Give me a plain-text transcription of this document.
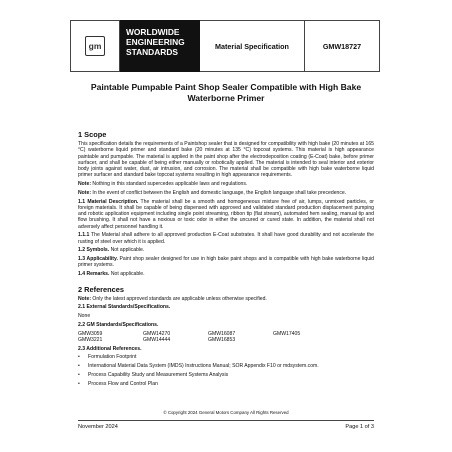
gm
WORLDWIDE
ENGINEERING
STANDARDS
Material Specification	GMW18727
Paintable Pumpable Paint Shop Sealer Compatible with High Bake
Waterborne Primer
1 Scope

This specification details the requirements of a Paintshop sealer that is designed for compatibility with high bake (20 minutes at 165 °C) waterborne liquid primer and standard bake (20 minutes at 135 °C) topcoat systems. This material is high appearance paintable and pumpable. The material is applied in the paint shop after the electrodeposition coating (E-Coat) bake, before primer surfacer, and shall be capable of being either manually or robotically applied. The material is intended to seal interior and exterior body joints against water, dust, air intrusion, and corrosion. The material shall be compatible with high bake waterborne liquid primer surfacer and standard bake topcoat systems resulting in high appearance requirements.

Note: Nothing in this standard supercedes applicable laws and regulations.

Note: In the event of conflict between the English and domestic language, the English language shall take precedence.

1.1 Material Description. The material shall be a smooth and homogeneous mixture free of air, lumps, unmixed particles, or foreign materials. It shall be capable of being dispensed with approved and validated standard production displacement pumping and robotic application equipment including single point streaming, ribbon tip (flat stream), automated hem sealing, manual tip and flow brushing. It shall not have a noxious or toxic odor in either the uncured or cured state. In addition, the material shall not adversely affect personnel handling it.

1.1.1 The Material shall adhere to all approved production E-Coat substrates. It shall have good durability and not accelerate the rusting of steel over which it is applied.

1.2 Symbols. Not applicable.

1.3 Applicability. Paint shop sealer designed for use in high bake paint shops and is compatible with high bake waterborne liquid primer systems.

1.4 Remarks. Not applicable.

2 References

Note: Only the latest approved standards are applicable unless otherwise specified.

2.1 External Standards/Specifications.

None

2.2 GM Standards/Specifications.
GMW3059	GMW14270	GMW16087	GMW17405
GMW3221	GMW14444	GMW16853
2.3 Additional References.
• Formulation Footprint
• International Material Data System (IMDS) Instructions Manual; SOR Appendix F10 or mdsystem.com.
• Process Capability Study and Measurement Systems Analysis
• Process Flow and Control Plan
© Copyright 2024 General Motors Company All Rights Reserved
November 2024	Page 1 of 3
